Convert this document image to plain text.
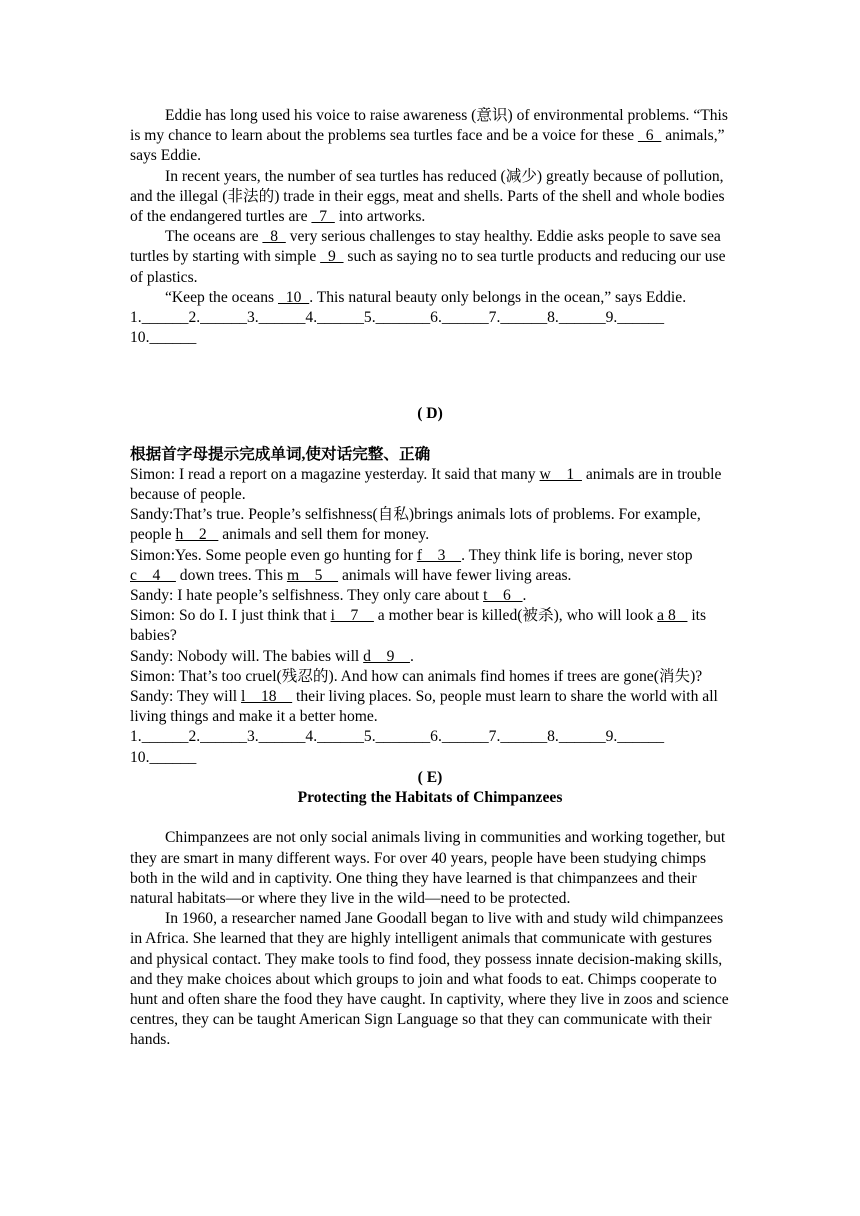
Eddie has long used his voice to raise awareness (意识) of environmental problems. “This is my chance to learn about the problems sea turtles face and be a voice for these   6   animals,” says Eddie.

In recent years, the number of sea turtles has reduced (减少) greatly because of pollution, and the illegal (非法的) trade in their eggs, meat and shells. Parts of the shell and whole bodies of the endangered turtles are   7   into artworks.

The oceans are   8   very serious challenges to stay healthy. Eddie asks people to save sea turtles by starting with simple   9   such as saying no to sea turtle products and reducing our use of plastics.

“Keep the oceans   10  . This natural beauty only belongs in the ocean,” says Eddie.

1.______2.______3.______4.______5._______6.______7.______8.______9.______
10.______

( D)

根据首字母提示完成单词,使对话完整、正确

Simon: I read a report on a magazine yesterday. It said that many w    1   animals are in trouble because of people.

Sandy:That’s true. People’s selfishness(自私)brings animals lots of problems. For example, people h    2    animals and sell them for money.

Simon:Yes. Some people even go hunting for f    3    . They think life is boring, never stop c    4     down trees. This m    5     animals will have fewer living areas.

Sandy: I hate people’s selfishness. They only care about t    6   .

Simon: So do I. I just think that i    7     a mother bear is killed(被杀), who will look a 8    its babies?

Sandy: Nobody will. The babies will d    9    .

Simon: That’s too cruel(残忍的). And how can animals find homes if trees are gone(消失)?

Sandy: They will l    18     their living places. So, people must learn to share the world with all living things and make it a better home.

1.______2.______3.______4.______5._______6.______7.______8.______9.______
10.______

( E)

Protecting the Habitats of Chimpanzees

Chimpanzees are not only social animals living in communities and working together, but they are smart in many different ways. For over 40 years, people have been studying chimps both in the wild and in captivity. One thing they have learned is that chimpanzees and their natural habitats—or where they live in the wild—need to be protected.

In 1960, a researcher named Jane Goodall began to live with and study wild chimpanzees in Africa. She learned that they are highly intelligent animals that communicate with gestures and physical contact. They make tools to find food, they possess innate decision-making skills, and they make choices about which groups to join and what foods to eat. Chimps cooperate to hunt and often share the food they have caught. In captivity, where they live in zoos and science centres, they can be taught American Sign Language so that they can communicate with their hands.
